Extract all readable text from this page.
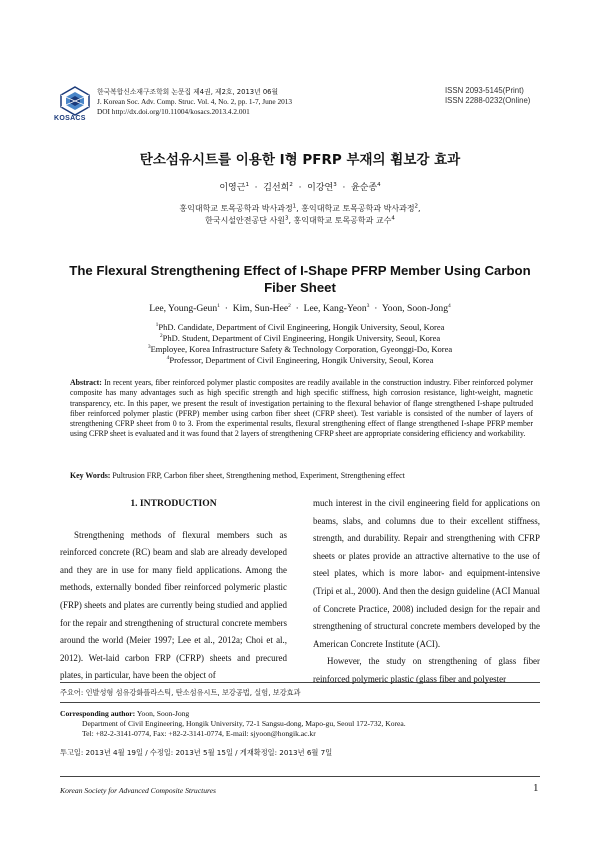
KOSACS
한국복합신소재구조학회 논문집 제4권, 제2호, 2013년 06월
J. Korean Soc. Adv. Comp. Struc. Vol. 4, No. 2, pp. 1-7, June 2013
DOI http://dx.doi.org/10.11004/kosacs.2013.4.2.001
ISSN 2093-5145(Print)
ISSN 2288-0232(Online)
탄소섬유시트를 이용한 I형 PFRP 부재의 휨보강 효과
이영근$^1$  ·  김선희$^2$  ·  이강연$^3$  ·  윤순종$^4$
홍익대학교 토목공학과 박사과정$^1$, 홍익대학교 토목공학과 박사과정$^2$,
한국시설안전공단 사원$^3$, 홍익대학교 토목공학과 교수$^4$
The Flexural Strengthening Effect of I-Shape PFRP Member Using Carbon Fiber Sheet
Lee, Young-Geun$^1$  ·  Kim, Sun-Hee$^2$  ·  Lee, Kang-Yeon$^3$  ·  Yoon, Soon-Jong$^4$
$^1$PhD. Candidate, Department of Civil Engineering, Hongik University, Seoul, Korea
$^2$PhD. Student, Department of Civil Engineering, Hongik University, Seoul, Korea
$^3$Employee, Korea Infrastructure Safety & Technology Corporation, Gyeonggi-Do, Korea
$^4$Professor, Department of Civil Engineering, Hongik University, Seoul, Korea
Abstract: In recent years, fiber reinforced polymer plastic composites are readily available in the construction industry. Fiber reinforced polymer composite has many advantages such as high specific strength and high specific stiffness, high corrosion resistance, light-weight, magnetic transparency, etc. In this paper, we present the result of investigation pertaining to the flexural behavior of flange strengthened I-shape pultruded fiber reinforced polymer plastic (PFRP) member using carbon fiber sheet (CFRP sheet). Test variable is consisted of the number of layers of strengthening CFRP sheet from 0 to 3. From the experimental results, flexural strengthening effect of flange strengthened I-shape PFRP member using CFRP sheet is evaluated and it was found that 2 layers of strengthening CFRP sheet are appropriate considering efficiency and workability.
Key Words: Pultrusion FRP, Carbon fiber sheet, Strengthening method, Experiment, Strengthening effect

1. INTRODUCTION

Strengthening methods of flexural members such as reinforced concrete (RC) beam and slab are already developed and they are in use for many field applications. Among the methods, externally bonded fiber reinforced polymeric plastic (FRP) sheets and plates are currently being studied and applied for the repair and strengthening of structural concrete members around the world (Meier 1997; Lee et al., 2012a; Choi et al., 2012). Wet-laid carbon FRP (CFRP) sheets and precured plates, in particular, have been the object of

much interest in the civil engineering field for applications on beams, slabs, and columns due to their excellent stiffness, strength, and durability. Repair and strengthening with CFRP sheets or plates provide an attractive alternative to the use of steel plates, which is more labor- and equipment-intensive (Tripi et al., 2000). And then the design guideline (ACI Manual of Concrete Practice, 2008) included design for the repair and strengthening of structural concrete members developed by the American Concrete Institute (ACI).

However, the study on strengthening of glass fiber reinforced polymeric plastic (glass fiber and polyester

주요어: 인발성형 섬유강화플라스틱, 탄소섬유시트, 보강공법, 실험, 보강효과
Corresponding author: Yoon, Soon-Jong
Department of Civil Engineering, Hongik University, 72-1 Sangsu-dong, Mapo-gu, Seoul 172-732, Korea.
Tel: +82-2-3141-0774, Fax: +82-2-3141-0774, E-mail: sjyoon@hongik.ac.kr
투고일: 2013년 4월 19일 / 수정일: 2013년 5월 15일 / 게재확정일: 2013년 6월 7일
Korean Society for Advanced Composite Structures	1
